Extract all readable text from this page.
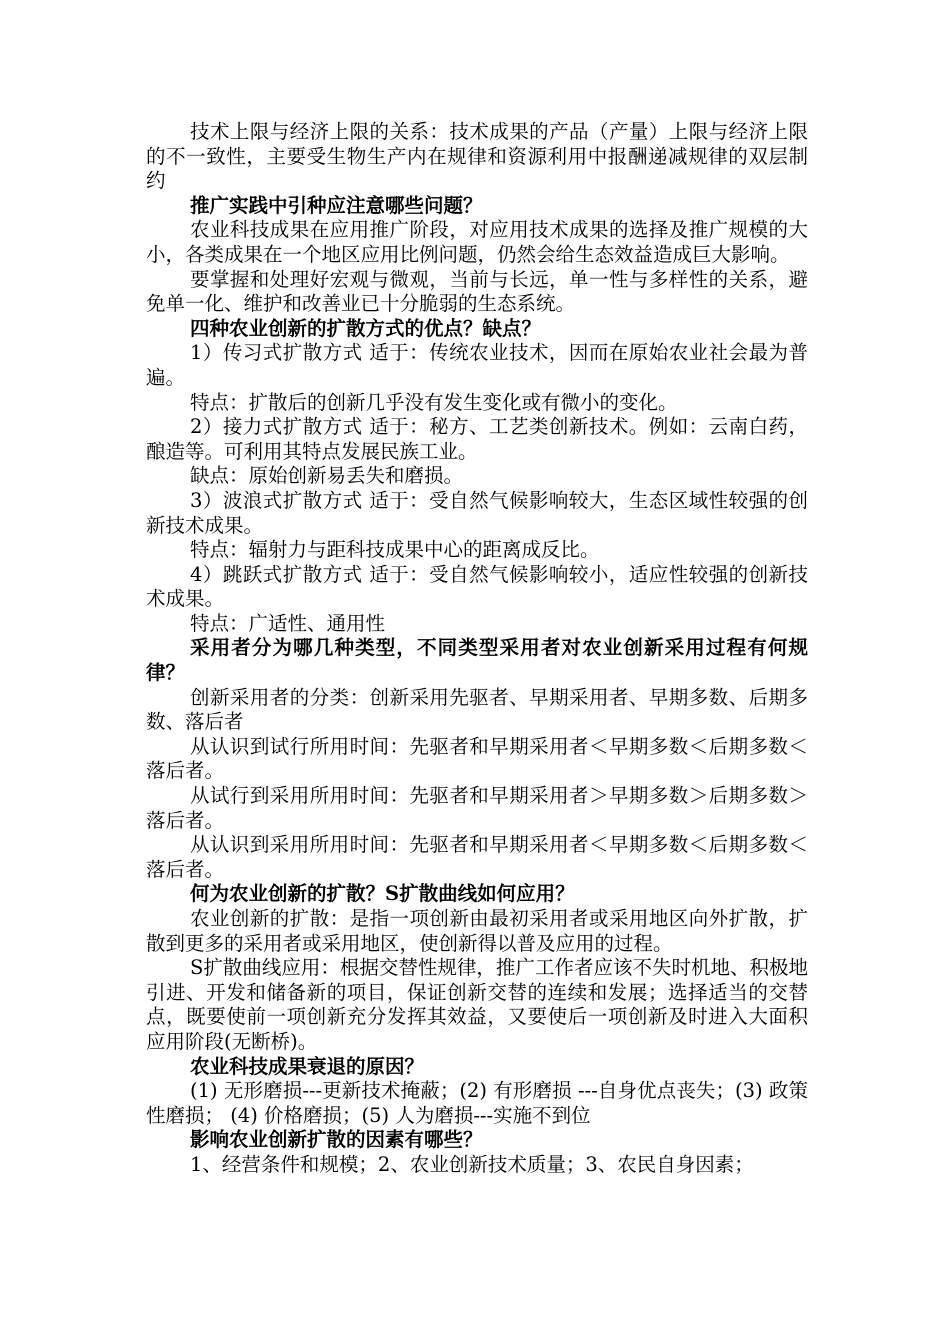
技术上限与经济上限的关系：技术成果的产品（产量）上限与经济上限的不一致性，主要受生物生产内在规律和资源利用中报酬递减规律的双层制约

推广实践中引种应注意哪些问题？

农业科技成果在应用推广阶段，对应用技术成果的选择及推广规模的大小，各类成果在一个地区应用比例问题，仍然会给生态效益造成巨大影响。

要掌握和处理好宏观与微观，当前与长远，单一性与多样性的关系，避免单一化、维护和改善业已十分脆弱的生态系统。

四种农业创新的扩散方式的优点？缺点？

1）传习式扩散方式 适于：传统农业技术，因而在原始农业社会最为普遍。

特点：扩散后的创新几乎没有发生变化或有微小的变化。

2）接力式扩散方式 适于：秘方、工艺类创新技术。例如：云南白药，酿造等。可利用其特点发展民族工业。

缺点：原始创新易丢失和磨损。

3）波浪式扩散方式 适于：受自然气候影响较大，生态区域性较强的创新技术成果。

特点：辐射力与距科技成果中心的距离成反比。

4）跳跃式扩散方式 适于：受自然气候影响较小，适应性较强的创新技术成果。

特点：广适性、通用性

采用者分为哪几种类型，不同类型采用者对农业创新采用过程有何规律？

创新采用者的分类：创新采用先驱者、早期采用者、早期多数、后期多数、落后者

从认识到试行所用时间：先驱者和早期采用者＜早期多数＜后期多数＜落后者。

从试行到采用所用时间：先驱者和早期采用者＞早期多数＞后期多数＞落后者。

从认识到采用所用时间：先驱者和早期采用者＜早期多数＜后期多数＜落后者。

何为农业创新的扩散？S扩散曲线如何应用？

农业创新的扩散：是指一项创新由最初采用者或采用地区向外扩散，扩散到更多的采用者或采用地区，使创新得以普及应用的过程。

S扩散曲线应用：根据交替性规律，推广工作者应该不失时机地、积极地引进、开发和储备新的项目，保证创新交替的连续和发展；选择适当的交替点，既要使前一项创新充分发挥其效益，又要使后一项创新及时进入大面积应用阶段(无断桥)。

农业科技成果衰退的原因？

(1) 无形磨损---更新技术掩蔽；(2) 有形磨损 ---自身优点丧失；(3) 政策性磨损； (4) 价格磨损；(5) 人为磨损---实施不到位

影响农业创新扩散的因素有哪些？

1、经营条件和规模；2、农业创新技术质量；3、农民自身因素；
